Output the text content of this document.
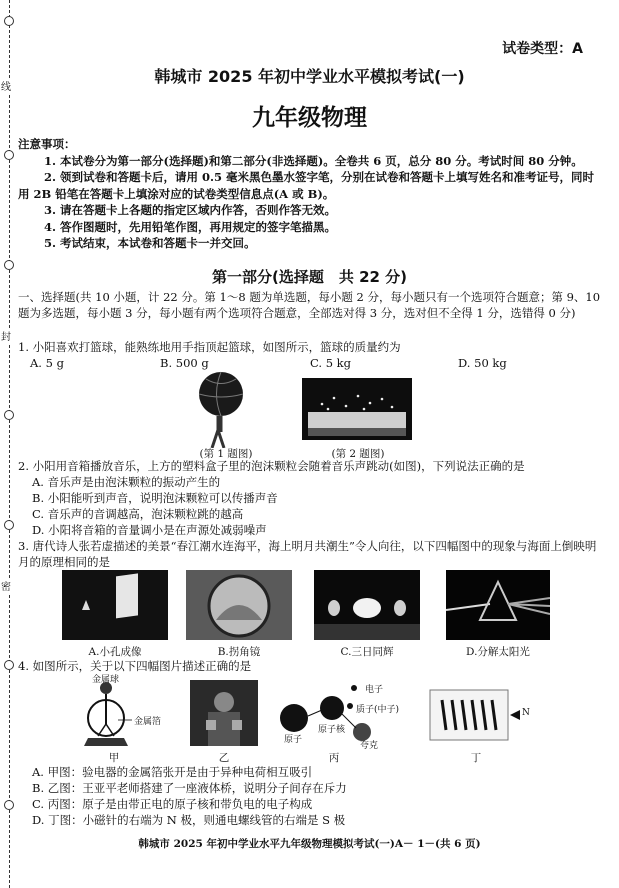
线
封
密
试卷类型：A
韩城市 2025 年初中学业水平模拟考试(一)
九年级物理
注意事项：

1. 本试卷分为第一部分(选择题)和第二部分(非选择题)。全卷共 6 页，总分 80 分。考试时间 80 分钟。

2. 领到试卷和答题卡后，请用 0.5 毫米黑色墨水签字笔，分别在试卷和答题卡上填写姓名和准考证号，同时用 2B 铅笔在答题卡上填涂对应的试卷类型信息点(A 或 B)。

3. 请在答题卡上各题的指定区域内作答，否则作答无效。

4. 答作图题时，先用铅笔作图，再用规定的签字笔描黑。

5. 考试结束，本试卷和答题卡一并交回。

第一部分(选择题　共 22 分)
一、选择题(共 10 小题，计 22 分。第 1～8 题为单选题，每小题 2 分，每小题只有一个选项符合题意；第 9、10 题为多选题，每小题 3 分，每小题有两个选项符合题意，全部选对得 3 分，选对但不全得 1 分，选错得 0 分)
1. 小阳喜欢打篮球，能熟练地用手指顶起篮球，如图所示，篮球的质量约为
A. 5 g	B. 500 g	C. 5 kg	D. 50 kg
(第 1 题图)	(第 2 题图)
2. 小阳用音箱播放音乐，上方的塑料盒子里的泡沫颗粒会随着音乐声跳动(如图)，下列说法正确的是
A. 音乐声是由泡沫颗粒的振动产生的
B. 小阳能听到声音，说明泡沫颗粒可以传播声音
C. 音乐声的音调越高，泡沫颗粒跳的越高
D. 小阳将音箱的音量调小是在声源处减弱噪声
3. 唐代诗人张若虚描述的美景“春江潮水连海平，海上明月共潮生”令人向往，以下四幅图中的现象与海面上倒映明月的原理相同的是
A.小孔成像	B.拐角镜	C.三日同辉	D.分解太阳光
4. 如图所示，关于以下四幅图片描述正确的是
金属球
金属箔
电子
质子(中子)
原子
原子核
夸克
N
甲	乙	丙	丁
A. 甲图：验电器的金属箔张开是由于异种电荷相互吸引
B. 乙图：王亚平老师搭建了一座液体桥，说明分子间存在斥力
C. 丙图：原子是由带正电的原子核和带负电的电子构成
D. 丁图：小磁针的右端为 N 极，则通电螺线管的右端是 S 极
韩城市 2025 年初中学业水平九年级物理模拟考试(一)A－ 1－(共 6 页)
